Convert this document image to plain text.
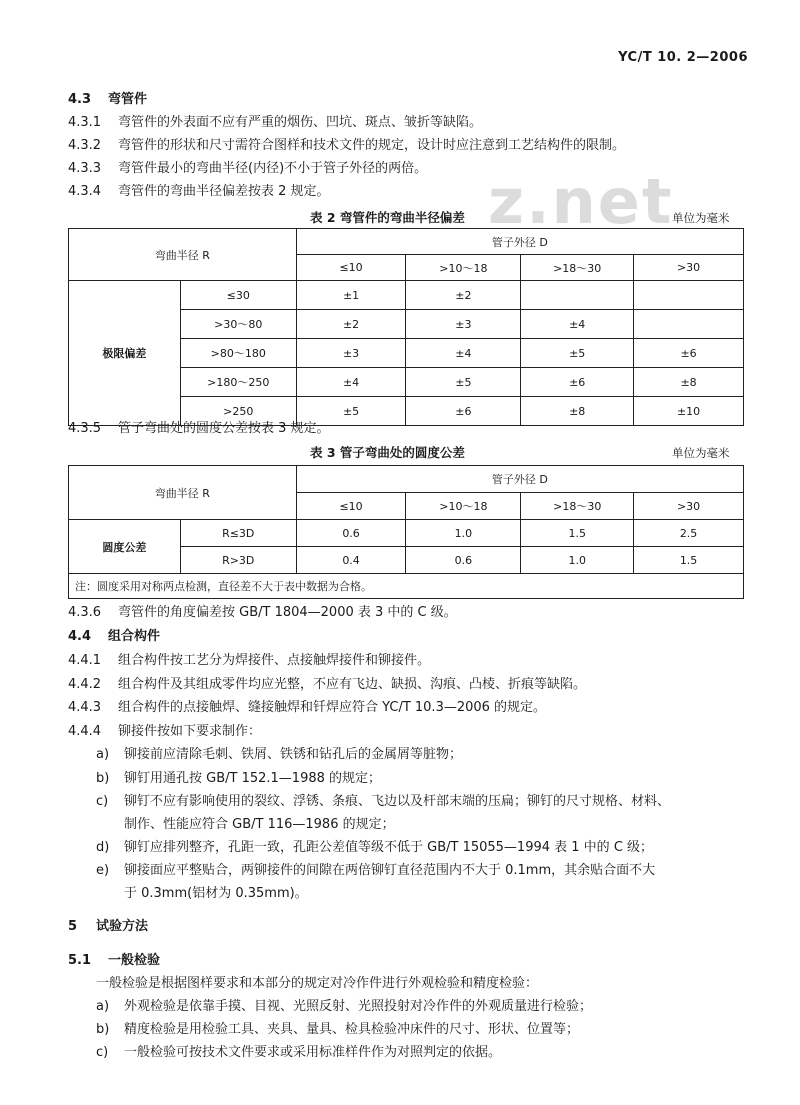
YC/T 10. 2—2006
z.net
4.3 弯管件
4.3.1 弯管件的外表面不应有严重的烟伤、凹坑、斑点、皱折等缺陷。
4.3.2 弯管件的形状和尺寸需符合图样和技术文件的规定，设计时应注意到工艺结构件的限制。
4.3.3 弯管件最小的弯曲半径(内径)不小于管子外径的两倍。
4.3.4 弯管件的弯曲半径偏差按表 2 规定。
表 2 弯管件的弯曲半径偏差	单位为毫米
弯曲半径 R		管子外径 D			
		≤10	>10～18	>18～30	>30
极限偏差	≤30	±1	±2		
	>30～80	±2	±3	±4	
	>80～180	±3	±4	±5	±6
	>180～250	±4	±5	±6	±8
	>250	±5	±6	±8	±10
4.3.5 管子弯曲处的圆度公差按表 3 规定。
表 3 管子弯曲处的圆度公差	单位为毫米
弯曲半径 R		管子外径 D			
		≤10	>10～18	>18～30	>30
圆度公差	R≤3D	0.6	1.0	1.5	2.5
	R>3D	0.4	0.6	1.0	1.5
注：圆度采用对称两点检测，直径差不大于表中数据为合格。					
4.3.6 弯管件的角度偏差按 GB/T 1804—2000 表 3 中的 C 级。
4.4 组合构件
4.4.1 组合构件按工艺分为焊接件、点接触焊接件和铆接件。
4.4.2 组合构件及其组成零件均应光整，不应有飞边、缺损、沟痕、凸棱、折痕等缺陷。
4.4.3 组合构件的点接触焊、缝接触焊和钎焊应符合 YC/T 10.3—2006 的规定。
4.4.4 铆接件按如下要求制作：
a) 铆接前应清除毛刺、铁屑、铁锈和钻孔后的金属屑等脏物；
b) 铆钉用通孔按 GB/T 152.1—1988 的规定；
c) 铆钉不应有影响使用的裂纹、浮锈、条痕、飞边以及杆部末端的压扁；铆钉的尺寸规格、材料、
制作、性能应符合 GB/T 116—1986 的规定；
d) 铆钉应排列整齐，孔距一致，孔距公差值等级不低于 GB/T 15055—1994 表 1 中的 C 级；
e) 铆接面应平整贴合，两铆接件的间隙在两倍铆钉直径范围内不大于 0.1mm，其余贴合面不大
于 0.3mm(铝材为 0.35mm)。
5 试验方法
5.1 一般检验
一般检验是根据图样要求和本部分的规定对冷作件进行外观检验和精度检验：
a) 外观检验是依靠手摸、目视、光照反射、光照投射对冷作件的外观质量进行检验；
b) 精度检验是用检验工具、夹具、量具、检具检验冲床件的尺寸、形状、位置等；
c) 一般检验可按技术文件要求或采用标准样件作为对照判定的依据。
